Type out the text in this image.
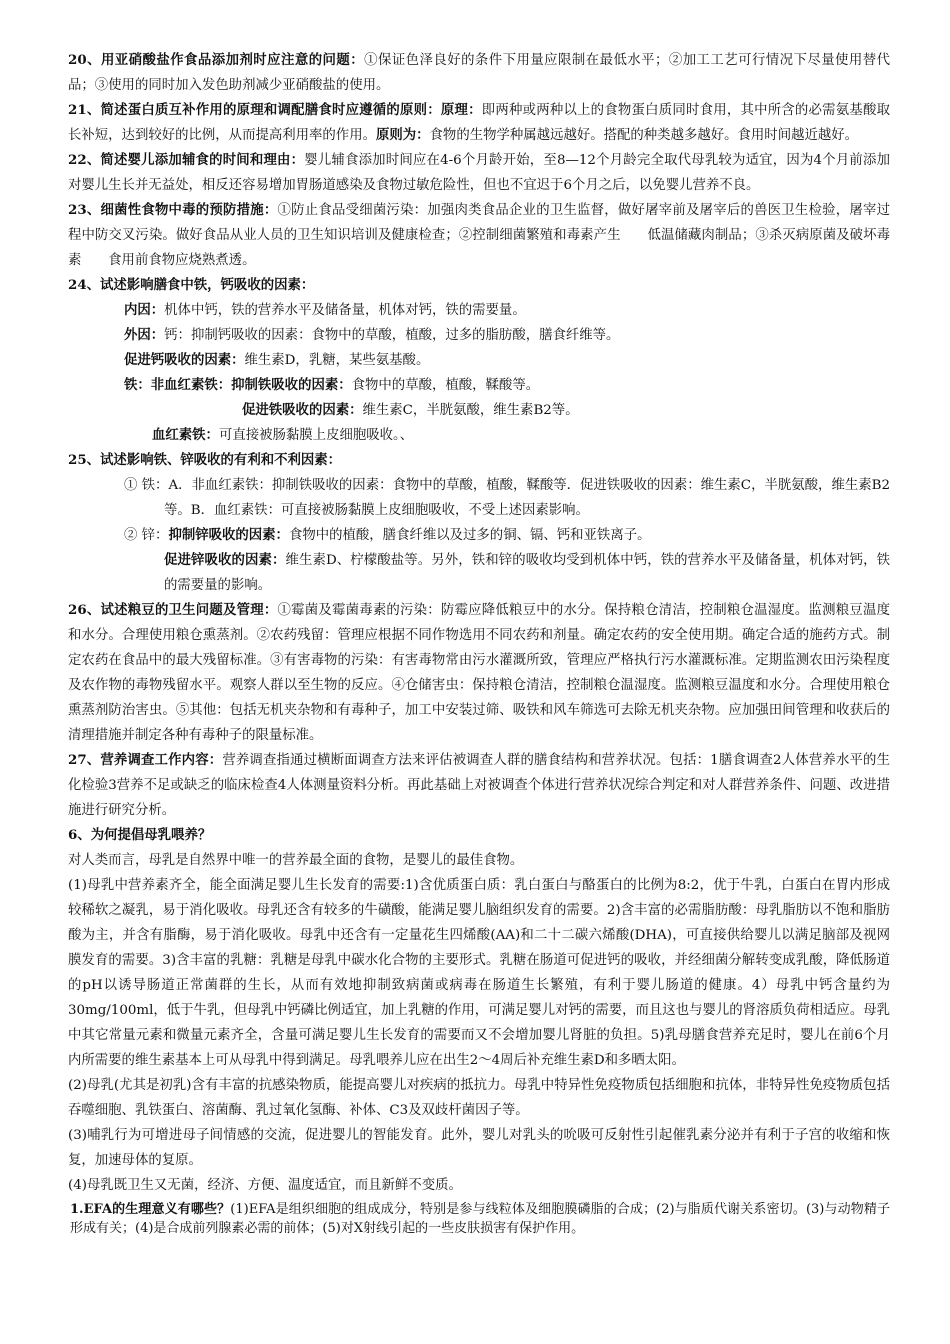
20、用亚硝酸盐作食品添加剂时应注意的问题：①保证色泽良好的条件下用量应限制在最低水平；②加工工艺可行情况下尽量使用替代品；③使用的同时加入发色助剂减少亚硝酸盐的使用。

21、简述蛋白质互补作用的原理和调配膳食时应遵循的原则：原理：即两种或两种以上的食物蛋白质同时食用，其中所含的必需氨基酸取长补短，达到较好的比例，从而提高利用率的作用。原则为：食物的生物学种属越远越好。搭配的种类越多越好。食用时间越近越好。

22、简述婴儿添加辅食的时间和理由：婴儿辅食添加时间应在4-6个月龄开始，至8—12个月龄完全取代母乳较为适宜，因为4个月前添加对婴儿生长并无益处，相反还容易增加胃肠道感染及食物过敏危险性，但也不宜迟于6个月之后，以免婴儿营养不良。

23、细菌性食物中毒的预防措施：①防止食品受细菌污染：加强肉类食品企业的卫生监督，做好屠宰前及屠宰后的兽医卫生检验，屠宰过程中防交叉污染。做好食品从业人员的卫生知识培训及健康检查；②控制细菌繁殖和毒素产生　　低温储藏肉制品；③杀灭病原菌及破坏毒素　　食用前食物应烧熟煮透。

24、试述影响膳食中铁，钙吸收的因素：

内因：机体中钙，铁的营养水平及储备量，机体对钙，铁的需要量。

外因：钙：抑制钙吸收的因素：食物中的草酸，植酸，过多的脂肪酸，膳食纤维等。

促进钙吸收的因素：维生素D，乳糖，某些氨基酸。

铁：非血红素铁：抑制铁吸收的因素：食物中的草酸，植酸，鞣酸等。

促进铁吸收的因素：维生素C，半胱氨酸，维生素B2等。

血红素铁：可直接被肠黏膜上皮细胞吸收。、

25、试述影响铁、锌吸收的有利和不利因素：

① 铁：A．非血红素铁：抑制铁吸收的因素：食物中的草酸，植酸，鞣酸等．促进铁吸收的因素：维生素C，半胱氨酸，维生素B2等。B．血红素铁：可直接被肠黏膜上皮细胞吸收，不受上述因素影响。

② 锌：抑制锌吸收的因素：食物中的植酸，膳食纤维以及过多的铜、镉、钙和亚铁离子。

促进锌吸收的因素：维生素D、柠檬酸盐等。另外，铁和锌的吸收均受到机体中钙，铁的营养水平及储备量，机体对钙，铁的需要量的影响。

26、试述粮豆的卫生问题及管理：①霉菌及霉菌毒素的污染：防霉应降低粮豆中的水分。保持粮仓清洁，控制粮仓温湿度。监测粮豆温度和水分。合理使用粮仓熏蒸剂。②农药残留：管理应根据不同作物选用不同农药和剂量。确定农药的安全使用期。确定合适的施药方式。制定农药在食品中的最大残留标准。③有害毒物的污染：有害毒物常由污水灌溉所致，管理应严格执行污水灌溉标准。定期监测农田污染程度及农作物的毒物残留水平。观察人群以至生物的反应。④仓储害虫：保持粮仓清洁，控制粮仓温湿度。监测粮豆温度和水分。合理使用粮仓熏蒸剂防治害虫。⑤其他：包括无机夹杂物和有毒种子，加工中安装过筛、吸铁和风车筛选可去除无机夹杂物。应加强田间管理和收获后的清理措施并制定各种有毒种子的限量标准。

27、营养调查工作内容：营养调查指通过横断面调查方法来评估被调查人群的膳食结构和营养状况。包括：1膳食调查2人体营养水平的生化检验3营养不足或缺乏的临床检查4人体测量资料分析。再此基础上对被调查个体进行营养状况综合判定和对人群营养条件、问题、改进措施进行研究分析。

6、为何提倡母乳喂养？

对人类而言，母乳是自然界中唯一的营养最全面的食物，是婴儿的最佳食物。

(1)母乳中营养素齐全，能全面满足婴儿生长发育的需要:1)含优质蛋白质：乳白蛋白与酪蛋白的比例为8:2，优于牛乳，白蛋白在胃内形成较稀软之凝乳，易于消化吸收。母乳还含有较多的牛磺酸，能满足婴儿脑组织发育的需要。2)含丰富的必需脂肪酸：母乳脂肪以不饱和脂肪酸为主，并含有脂酶，易于消化吸收。母乳中还含有一定量花生四烯酸(AA)和二十二碳六烯酸(DHA)，可直接供给婴儿以满足脑部及视网膜发育的需要。3)含丰富的乳糖：乳糖是母乳中碳水化合物的主要形式。乳糖在肠道可促进钙的吸收，并经细菌分解转变成乳酸，降低肠道的pH以诱导肠道正常菌群的生长，从而有效地抑制致病菌或病毒在肠道生长繁殖，有利于婴儿肠道的健康。4）母乳中钙含量约为30mg/100ml，低于牛乳，但母乳中钙磷比例适宜，加上乳糖的作用，可满足婴儿对钙的需要，而且这也与婴儿的肾溶质负荷相适应。母乳中其它常量元素和微量元素齐全，含量可满足婴儿生长发育的需要而又不会增加婴儿肾脏的负担。5)乳母膳食营养充足时，婴儿在前6个月内所需要的维生素基本上可从母乳中得到满足。母乳喂养儿应在出生2～4周后补充维生素D和多晒太阳。

(2)母乳(尤其是初乳)含有丰富的抗感染物质，能提高婴儿对疾病的抵抗力。母乳中特异性免疫物质包括细胞和抗体，非特异性免疫物质包括吞噬细胞、乳铁蛋白、溶菌酶、乳过氧化氢酶、补体、C3及双歧杆菌因子等。

(3)哺乳行为可增进母子间情感的交流，促进婴儿的智能发育。此外，婴儿对乳头的吮吸可反射性引起催乳素分泌并有利于子宫的收缩和恢复，加速母体的复原。

(4)母乳既卫生又无菌，经济、方便、温度适宜，而且新鲜不变质。

1.EFA的生理意义有哪些？(1)EFA是组织细胞的组成成分，特别是参与线粒体及细胞膜磷脂的合成；(2)与脂质代谢关系密切。(3)与动物精子形成有关；(4)是合成前列腺素必需的前体；(5)对X射线引起的一些皮肤损害有保护作用。
